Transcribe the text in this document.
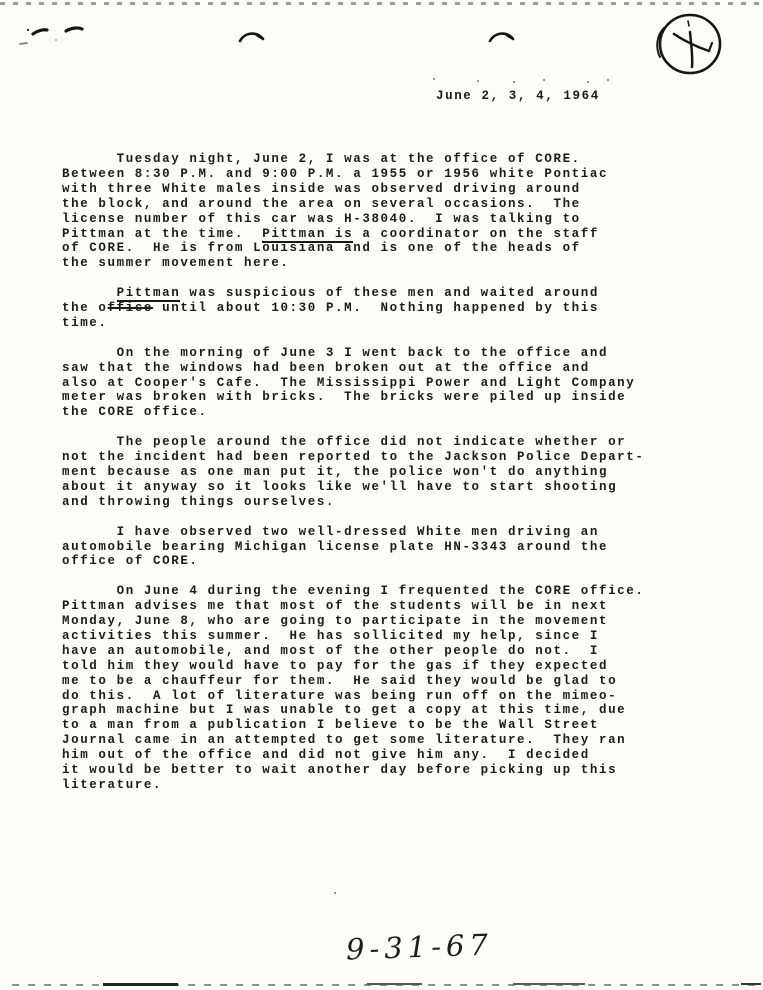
June 2, 3, 4, 1964
Tuesday night, June 2, I was at the office of CORE.
Between 8:30 P.M. and 9:00 P.M. a 1955 or 1956 white Pontiac
with three White males inside was observed driving around
the block, and around the area on several occasions.  The
license number of this car was H-38040.  I was talking to
Pittman at the time.  Pittman is a coordinator on the staff
of CORE.  He is from Louisiana and is one of the heads of
the summer movement here.
Pittman was suspicious of these men and waited around
the office until about 10:30 P.M.  Nothing happened by this
time.
On the morning of June 3 I went back to the office and
saw that the windows had been broken out at the office and
also at Cooper's Cafe.  The Mississippi Power and Light Company
meter was broken with bricks.  The bricks were piled up inside
the CORE office.
The people around the office did not indicate whether or
not the incident had been reported to the Jackson Police Depart-
ment because as one man put it, the police won't do anything
about it anyway so it looks like we'll have to start shooting
and throwing things ourselves.
I have observed two well-dressed White men driving an
automobile bearing Michigan license plate HN-3343 around the
office of CORE.
On June 4 during the evening I frequented the CORE office.
Pittman advises me that most of the students will be in next
Monday, June 8, who are going to participate in the movement
activities this summer.  He has sollicited my help, since I
have an automobile, and most of the other people do not.  I
told him they would have to pay for the gas if they expected
me to be a chauffeur for them.  He said they would be glad to
do this.  A lot of literature was being run off on the mimeo-
graph machine but I was unable to get a copy at this time, due
to a man from a publication I believe to be the Wall Street
Journal came in an attempted to get some literature.  They ran
him out of the office and did not give him any.  I decided
it would be better to wait another day before picking up this
literature.
9-31-67
